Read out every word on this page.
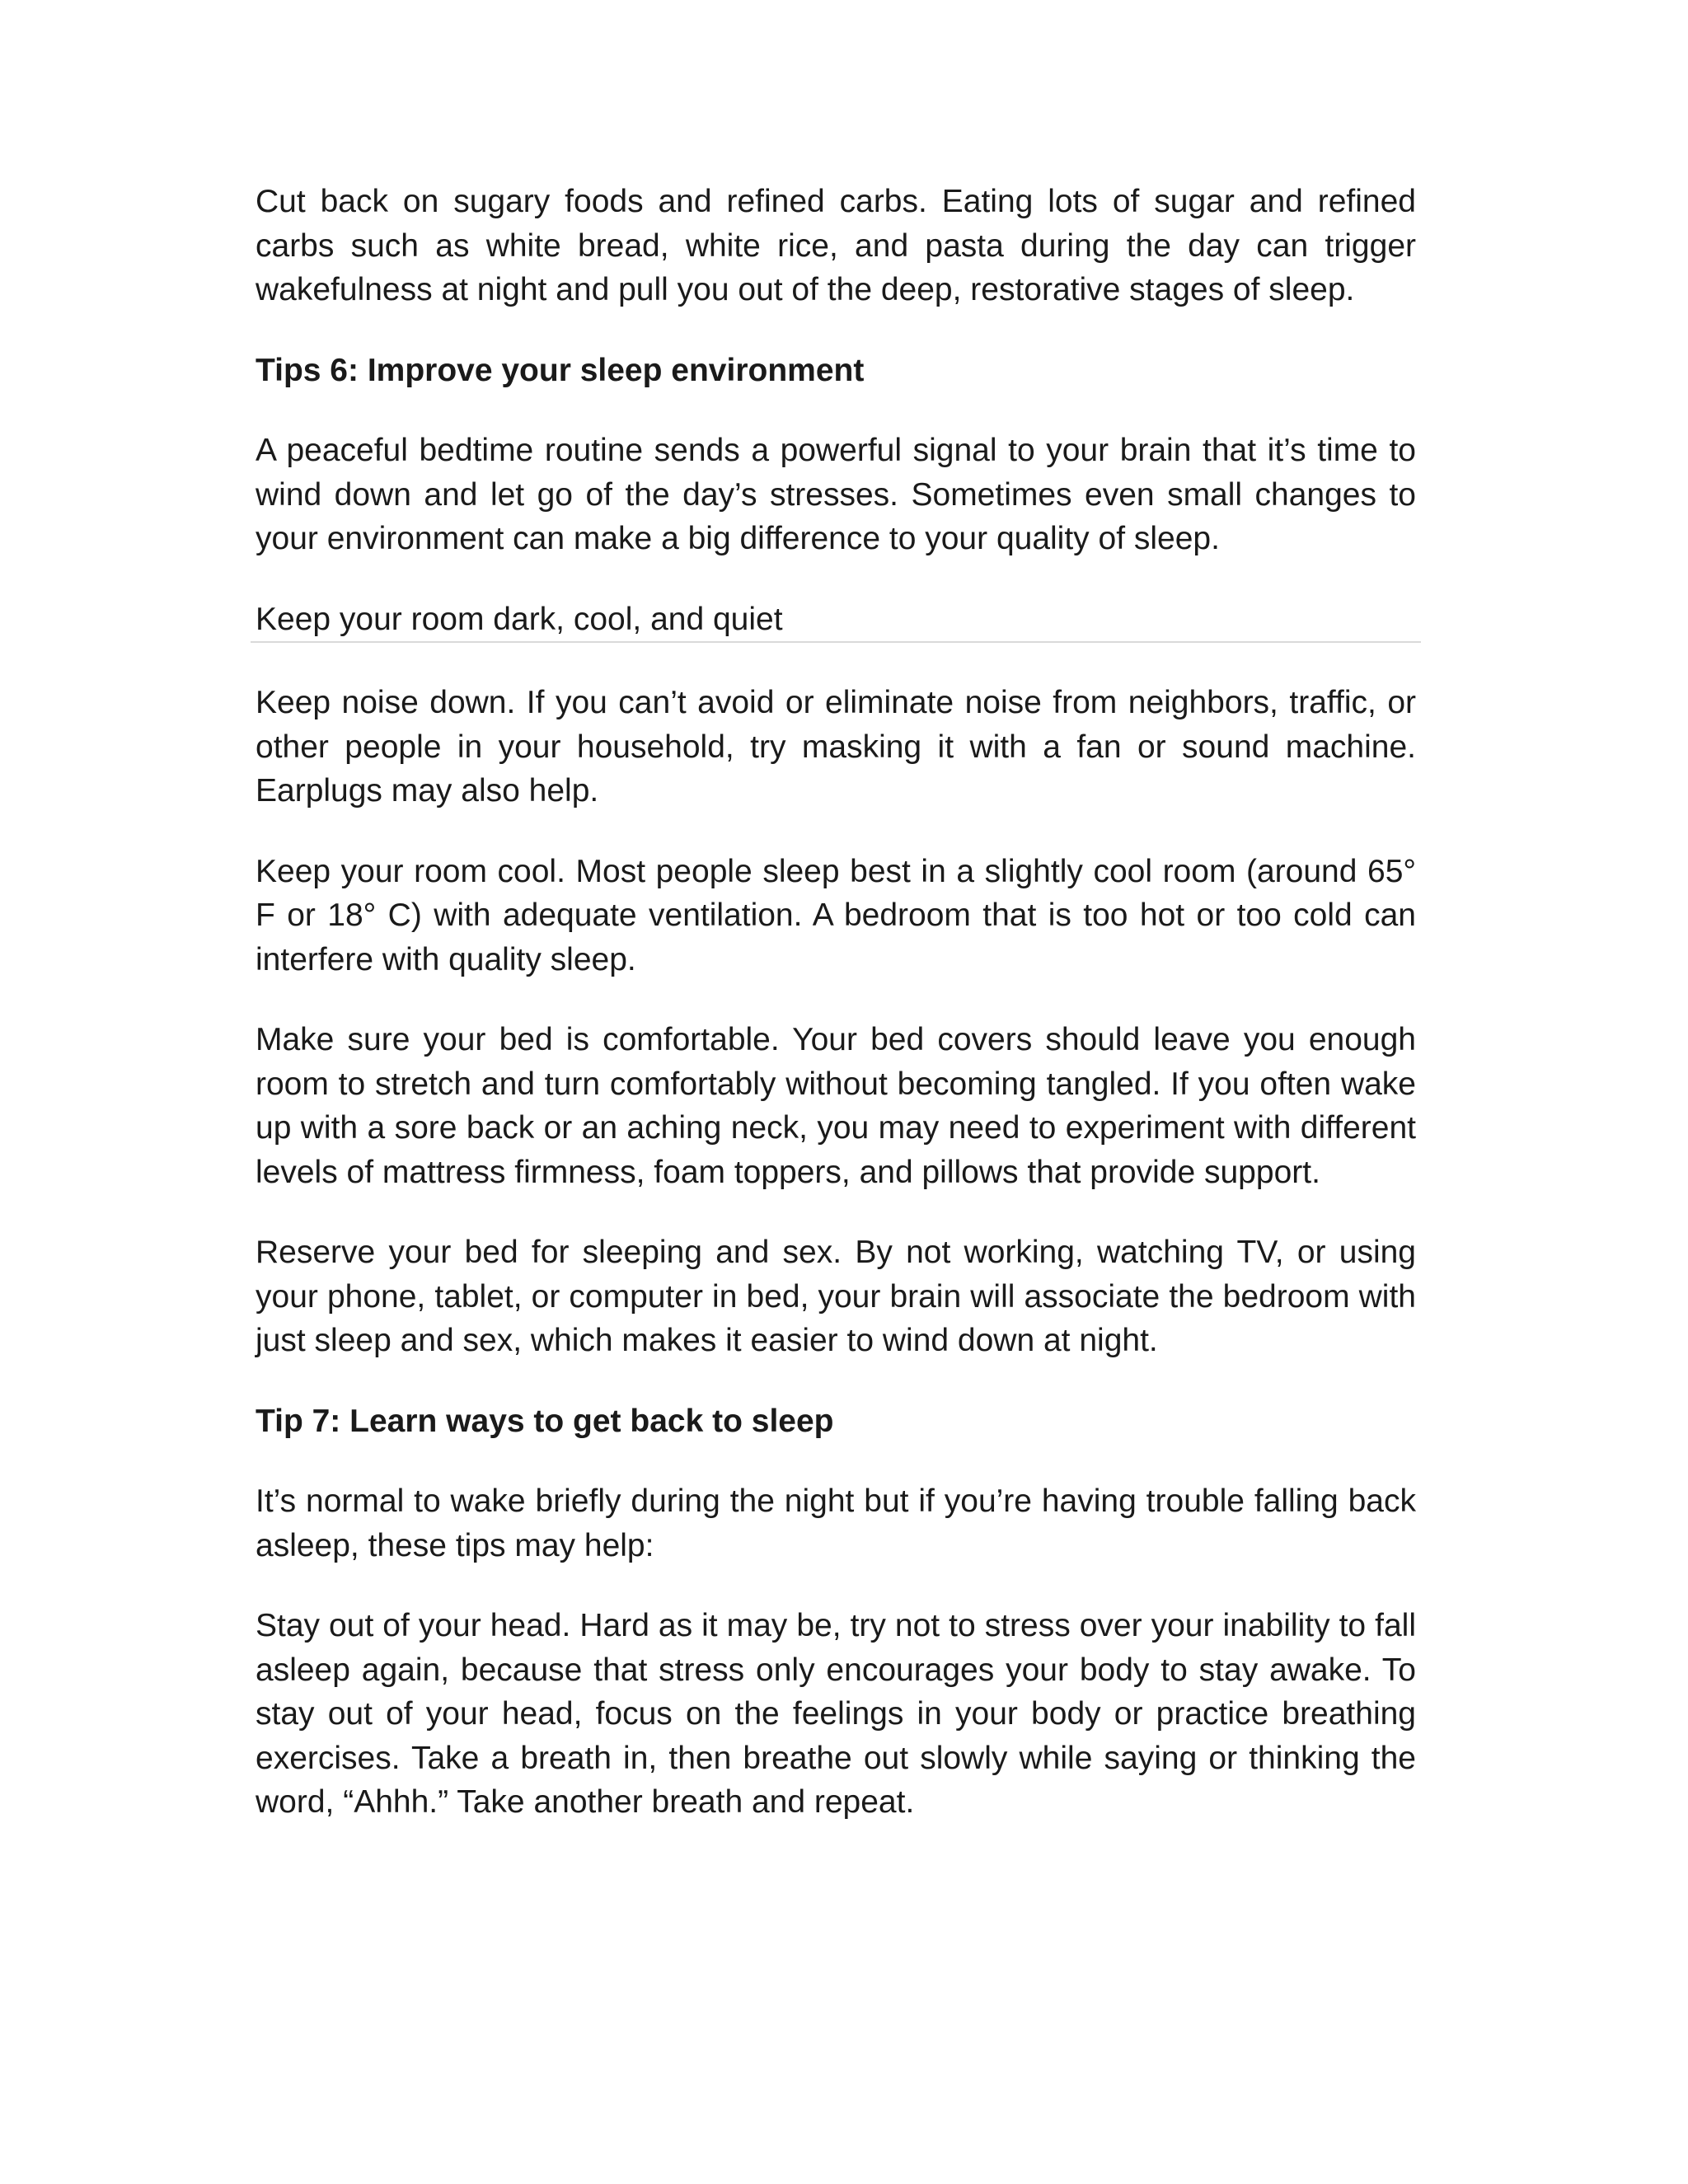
Cut back on sugary foods and refined carbs. Eating lots of sugar and refined carbs such as white bread, white rice, and pasta during the day can trigger wakefulness at night and pull you out of the deep, restorative stages of sleep.

Tips 6: Improve your sleep environment

A peaceful bedtime routine sends a powerful signal to your brain that it’s time to wind down and let go of the day’s stresses. Sometimes even small changes to your environment can make a big difference to your quality of sleep.

Keep your room dark, cool, and quiet

Keep noise down. If you can’t avoid or eliminate noise from neighbors, traffic, or other people in your household, try masking it with a fan or sound machine. Earplugs may also help.

Keep your room cool. Most people sleep best in a slightly cool room (around 65° F or 18° C) with adequate ventilation. A bedroom that is too hot or too cold can interfere with quality sleep.

Make sure your bed is comfortable. Your bed covers should leave you enough room to stretch and turn comfortably without becoming tangled. If you often wake up with a sore back or an aching neck, you may need to experiment with different levels of mattress firmness, foam toppers, and pillows that provide support.

Reserve your bed for sleeping and sex. By not working, watching TV, or using your phone, tablet, or computer in bed, your brain will associate the bedroom with just sleep and sex, which makes it easier to wind down at night.

Tip 7: Learn ways to get back to sleep

It’s normal to wake briefly during the night but if you’re having trouble falling back asleep, these tips may help:

Stay out of your head. Hard as it may be, try not to stress over your inability to fall asleep again, because that stress only encourages your body to stay awake. To stay out of your head, focus on the feelings in your body or practice breathing exercises. Take a breath in, then breathe out slowly while saying or thinking the word, “Ahhh.” Take another breath and repeat.
